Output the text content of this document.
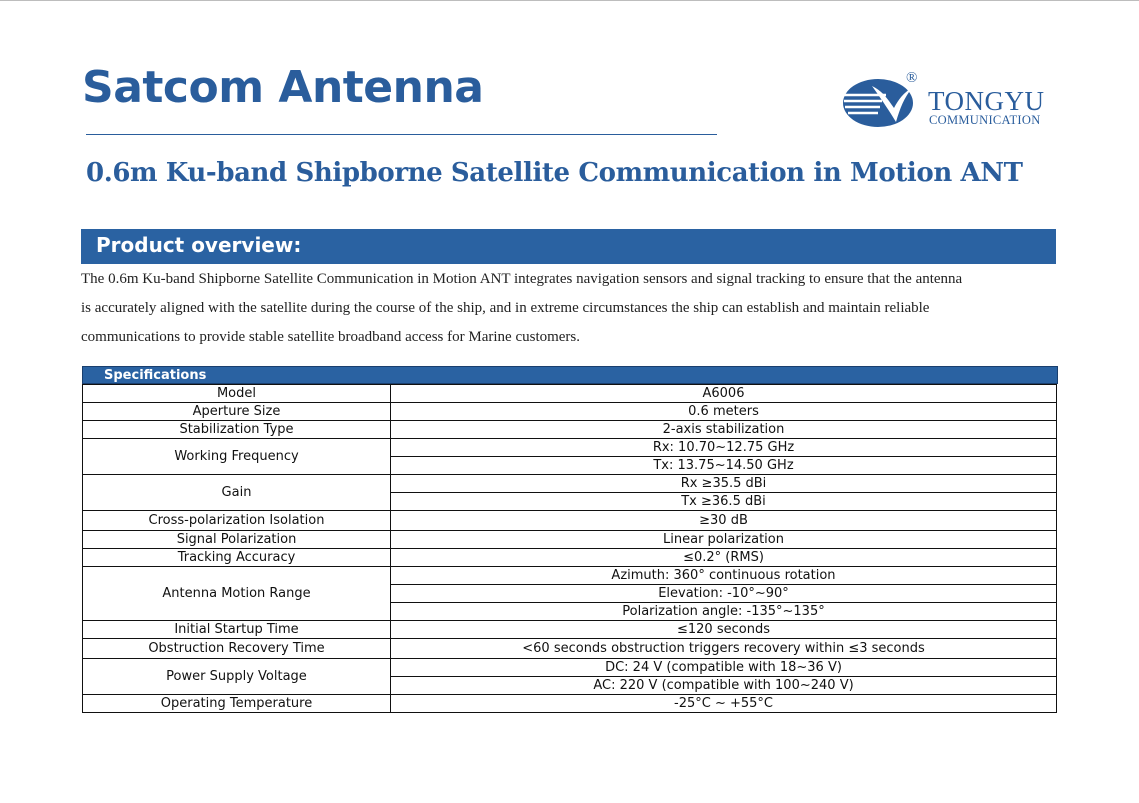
Satcom Antenna	®
TONGYU
COMMUNICATION
0.6m Ku-band Shipborne Satellite Communication in Motion ANT
Product overview:
The 0.6m Ku-band Shipborne Satellite Communication in Motion ANT integrates navigation sensors and signal tracking to ensure that the antenna
is accurately aligned with the satellite during the course of the ship, and in extreme circumstances the ship can establish and maintain reliable
communications to provide stable satellite broadband access for Marine customers.
Specifications
Model	A6006
Aperture Size	0.6 meters
Stabilization Type	2-axis stabilization
Working Frequency	Rx: 10.70~12.75 GHz
	Tx: 13.75~14.50 GHz
Gain	Rx ≥35.5 dBi
	Tx ≥36.5 dBi
Cross-polarization Isolation	≥30 dB
Signal Polarization	Linear polarization
Tracking Accuracy	≤0.2° (RMS)
Antenna Motion Range	Azimuth: 360° continuous rotation
	Elevation: -10°~90°
	Polarization angle: -135°~135°
Initial Startup Time	≤120 seconds
Obstruction Recovery Time	<60 seconds obstruction triggers recovery within ≤3 seconds
Power Supply Voltage	DC: 24 V (compatible with 18~36 V)
	AC: 220 V (compatible with 100~240 V)
Operating Temperature	-25°C ~ +55°C
